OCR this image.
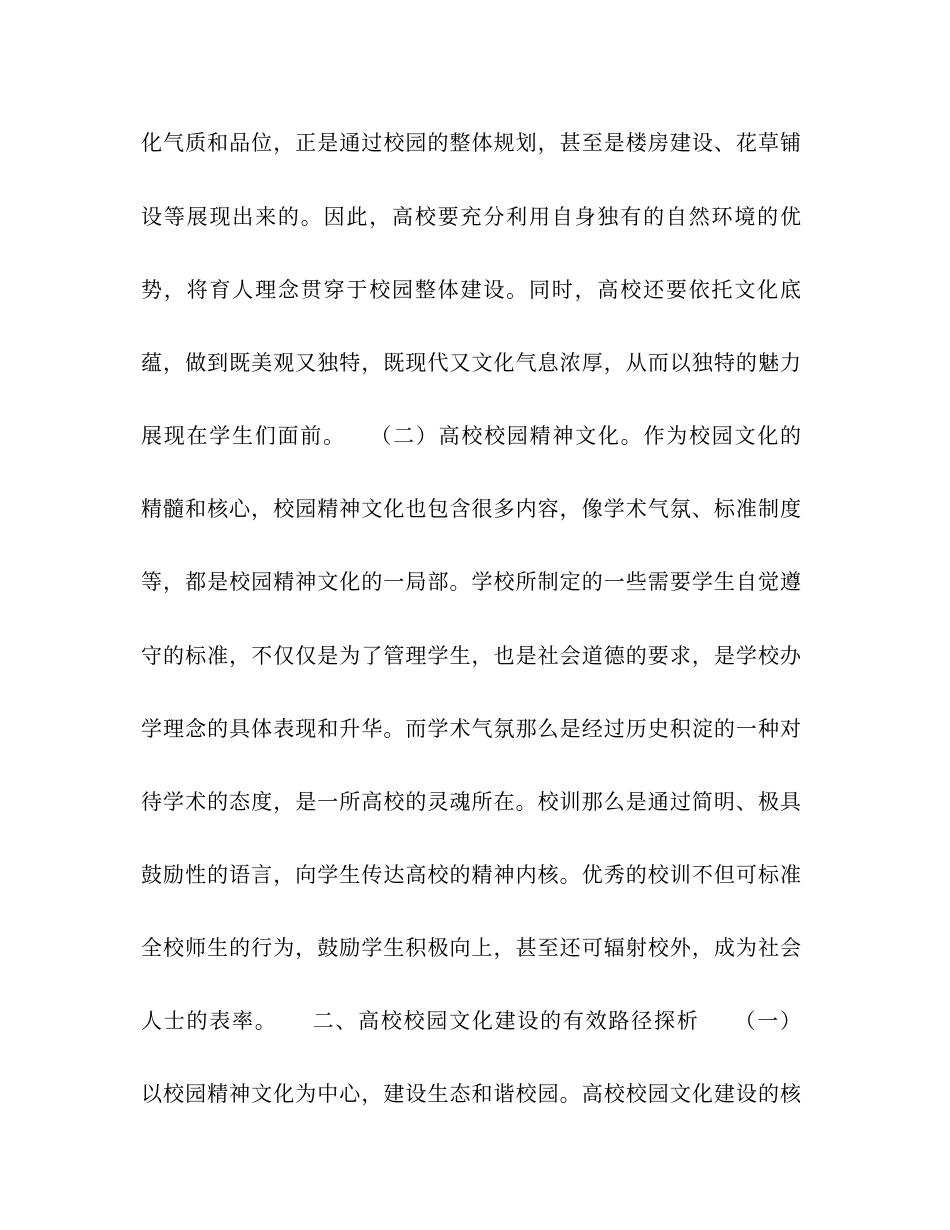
化气质和品位，正是通过校园的整体规划，甚至是楼房建设、花草铺
设等展现出来的。因此，高校要充分利用自身独有的自然环境的优
势，将育人理念贯穿于校园整体建设。同时，高校还要依托文化底
蕴，做到既美观又独特，既现代又文化气息浓厚，从而以独特的魅力
展现在学生们面前。　　（二）高校校园精神文化。作为校园文化的
精髓和核心，校园精神文化也包含很多内容，像学术气氛、标准制度
等，都是校园精神文化的一局部。学校所制定的一些需要学生自觉遵
守的标准，不仅仅是为了管理学生，也是社会道德的要求，是学校办
学理念的具体表现和升华。而学术气氛那么是经过历史积淀的一种对
待学术的态度，是一所高校的灵魂所在。校训那么是通过简明、极具
鼓励性的语言，向学生传达高校的精神内核。优秀的校训不但可标准
全校师生的行为，鼓励学生积极向上，甚至还可辐射校外，成为社会
人士的表率。　　二、高校校园文化建设的有效路径探析　　（一）
以校园精神文化为中心，建设生态和谐校园。高校校园文化建设的核
